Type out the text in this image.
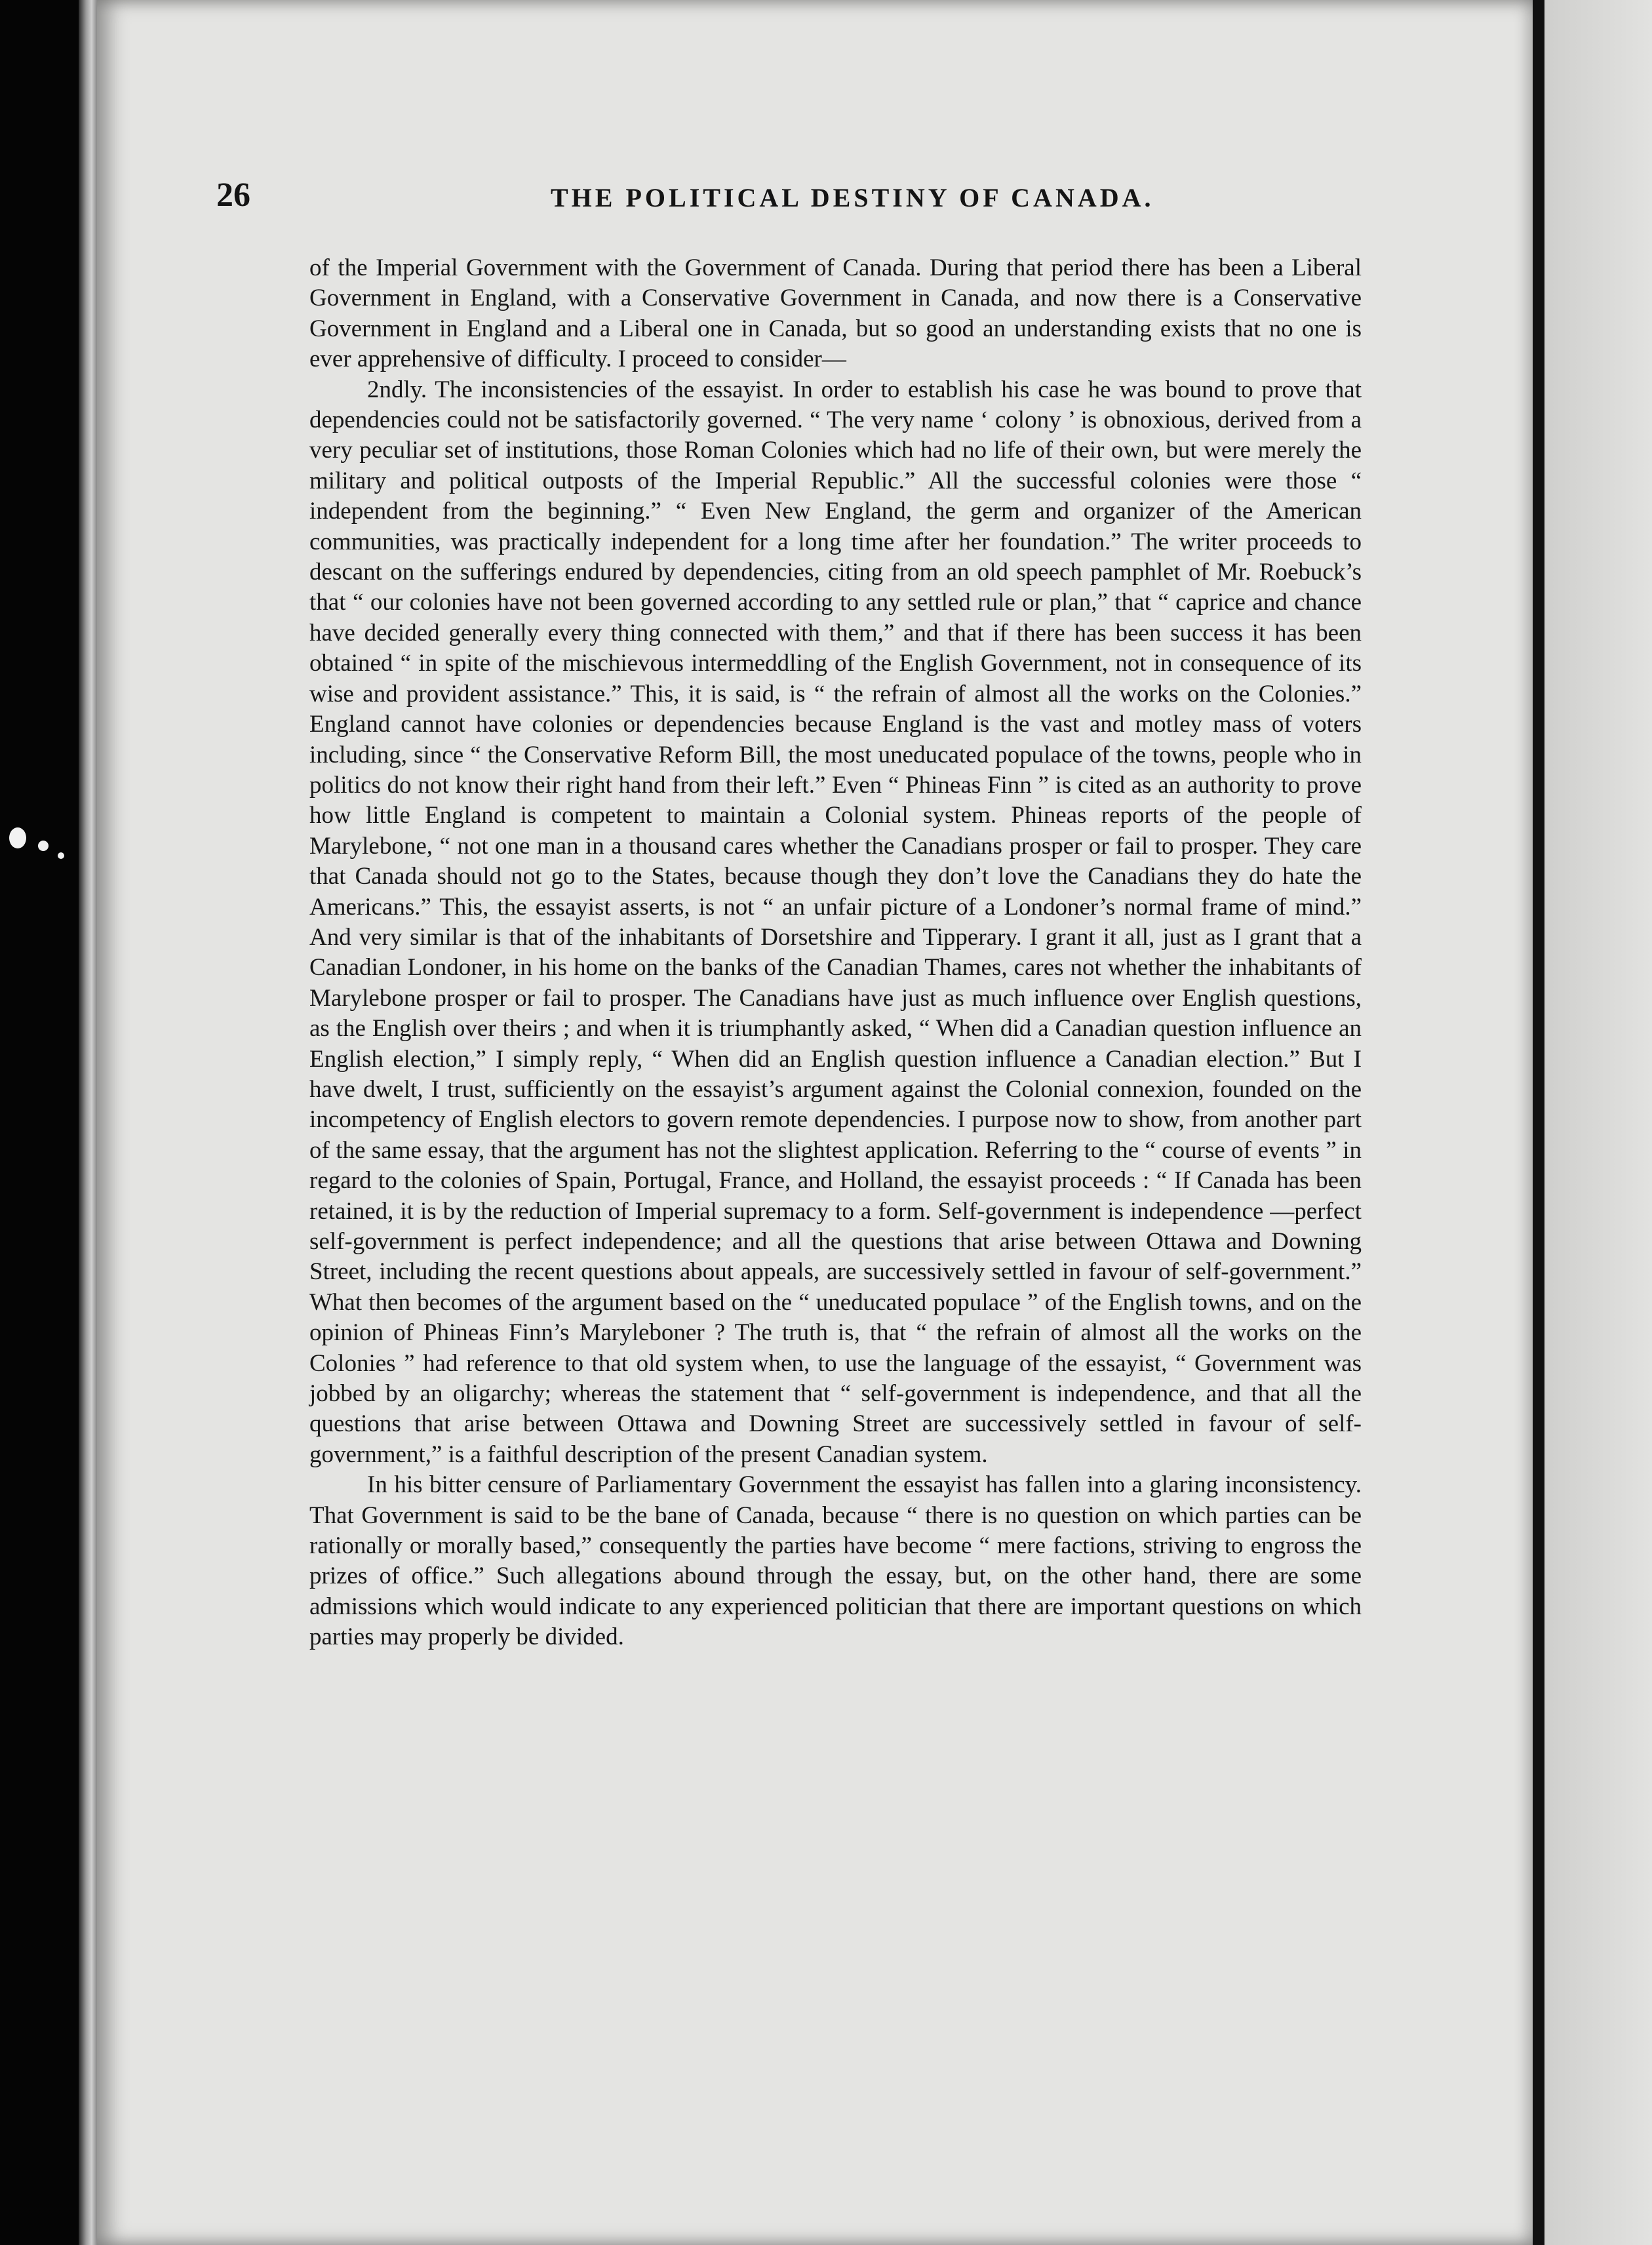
26	THE POLITICAL DESTINY OF CANADA.

of the Imperial Government with the Government of Canada. During that period there has been a Liberal Government in England, with a Conservative Government in Canada, and now there is a Conservative Government in England and a Liberal one in Canada, but so good an understanding exists that no one is ever apprehensive of difficulty. I proceed to consider—

2ndly. The inconsistencies of the essayist. In order to establish his case he was bound to prove that dependencies could not be satisfactorily governed. “ The very name ‘ colony ’ is obnoxious, derived from a very peculiar set of institutions, those Roman Colonies which had no life of their own, but were merely the military and political outposts of the Imperial Republic.” All the successful colonies were those “ independent from the beginning.” “ Even New England, the germ and organizer of the American communities, was practically independent for a long time after her foundation.” The writer proceeds to descant on the sufferings endured by dependencies, citing from an old speech pamphlet of Mr. Roebuck’s that “ our colonies have not been governed according to any settled rule or plan,” that “ caprice and chance have decided generally every thing connected with them,” and that if there has been success it has been obtained “ in spite of the mischievous intermeddling of the English Government, not in consequence of its wise and provident assistance.” This, it is said, is “ the refrain of almost all the works on the Colonies.” England cannot have colonies or dependencies because England is the vast and motley mass of voters including, since “ the Conservative Reform Bill, the most uneducated populace of the towns, people who in politics do not know their right hand from their left.” Even “ Phineas Finn ” is cited as an authority to prove how little England is competent to maintain a Colonial system. Phineas reports of the people of Marylebone, “ not one man in a thousand cares whether the Canadians prosper or fail to prosper. They care that Canada should not go to the States, because though they don’t love the Canadians they do hate the Americans.” This, the essayist asserts, is not “ an unfair picture of a Londoner’s normal frame of mind.” And very similar is that of the inhabitants of Dorsetshire and Tipperary. I grant it all, just as I grant that a Canadian Londoner, in his home on the banks of the Canadian Thames, cares not whether the inhabitants of Marylebone prosper or fail to prosper. The Canadians have just as much influence over English questions, as the English over theirs ; and when it is triumphantly asked, “ When did a Canadian question influence an English election,” I simply reply, “ When did an English question influence a Canadian election.” But I have dwelt, I trust, sufficiently on the essayist’s argument against the Colonial connexion, founded on the incompetency of English electors to govern remote dependencies. I purpose now to show, from another part of the same essay, that the argument has not the slightest application. Referring to the “ course of events ” in regard to the colonies of Spain, Portugal, France, and Holland, the essayist proceeds : “ If Canada has been retained, it is by the reduction of Imperial supremacy to a form. Self-government is independence —perfect self-government is perfect independence; and all the questions that arise between Ottawa and Downing Street, including the recent questions about appeals, are successively settled in favour of self-government.” What then becomes of the argument based on the “ uneducated populace ” of the English towns, and on the opinion of Phineas Finn’s Maryleboner ? The truth is, that “ the refrain of almost all the works on the Colonies ” had reference to that old system when, to use the language of the essayist, “ Government was jobbed by an oligarchy; whereas the statement that “ self-government is independence, and that all the questions that arise between Ottawa and Downing Street are successively settled in favour of self-government,” is a faithful description of the present Canadian system.

In his bitter censure of Parliamentary Government the essayist has fallen into a glaring inconsistency. That Government is said to be the bane of Canada, because “ there is no question on which parties can be rationally or morally based,” consequently the parties have become “ mere factions, striving to engross the prizes of office.” Such allegations abound through the essay, but, on the other hand, there are some admissions which would indicate to any experienced politician that there are important questions on which parties may properly be divided.
